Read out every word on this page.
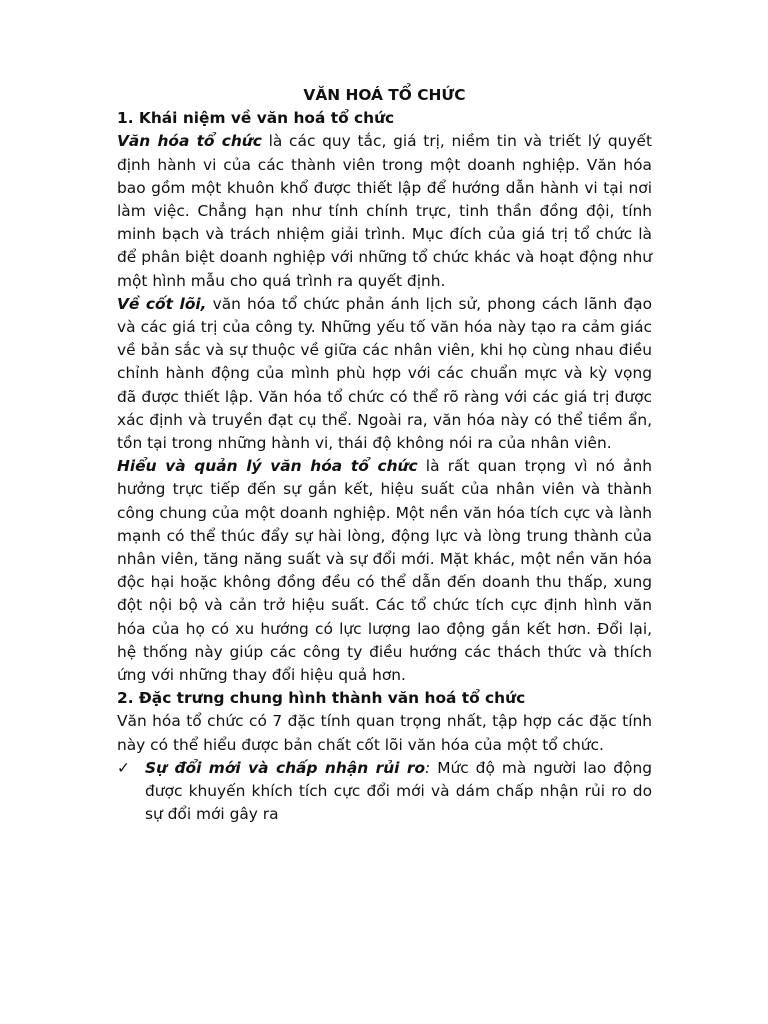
VĂN HOÁ TỔ CHỨC

1. Khái niệm về văn hoá tổ chức

Văn hóa tổ chức là các quy tắc, giá trị, niềm tin và triết lý quyết định hành vi của các thành viên trong một doanh nghiệp. Văn hóa bao gồm một khuôn khổ được thiết lập để hướng dẫn hành vi tại nơi làm việc. Chẳng hạn như tính chính trực, tinh thần đồng đội, tính minh bạch và trách nhiệm giải trình. Mục đích của giá trị tổ chức là để phân biệt doanh nghiệp với những tổ chức khác và hoạt động như một hình mẫu cho quá trình ra quyết định.

Về cốt lõi, văn hóa tổ chức phản ánh lịch sử, phong cách lãnh đạo và các giá trị của công ty. Những yếu tố văn hóa này tạo ra cảm giác về bản sắc và sự thuộc về giữa các nhân viên, khi họ cùng nhau điều chỉnh hành động của mình phù hợp với các chuẩn mực và kỳ vọng đã được thiết lập. Văn hóa tổ chức có thể rõ ràng với các giá trị được xác định và truyền đạt cụ thể. Ngoài ra, văn hóa này có thể tiềm ẩn, tồn tại trong những hành vi, thái độ không nói ra của nhân viên.

Hiểu và quản lý văn hóa tổ chức là rất quan trọng vì nó ảnh hưởng trực tiếp đến sự gắn kết, hiệu suất của nhân viên và thành công chung của một doanh nghiệp. Một nền văn hóa tích cực và lành mạnh có thể thúc đẩy sự hài lòng, động lực và lòng trung thành của nhân viên, tăng năng suất và sự đổi mới. Mặt khác, một nền văn hóa độc hại hoặc không đồng đều có thể dẫn đến doanh thu thấp, xung đột nội bộ và cản trở hiệu suất. Các tổ chức tích cực định hình văn hóa của họ có xu hướng có lực lượng lao động gắn kết hơn. Đổi lại, hệ thống này giúp các công ty điều hướng các thách thức và thích ứng với những thay đổi hiệu quả hơn.

2. Đặc trưng chung hình thành văn hoá tổ chức

Văn hóa tổ chức có 7 đặc tính quan trọng nhất, tập hợp các đặc tính này có thể hiểu được bản chất cốt lõi văn hóa của một tổ chức.

✓ Sự đổi mới và chấp nhận rủi ro: Mức độ mà người lao động được khuyến khích tích cực đổi mới và dám chấp nhận rủi ro do sự đổi mới gây ra
